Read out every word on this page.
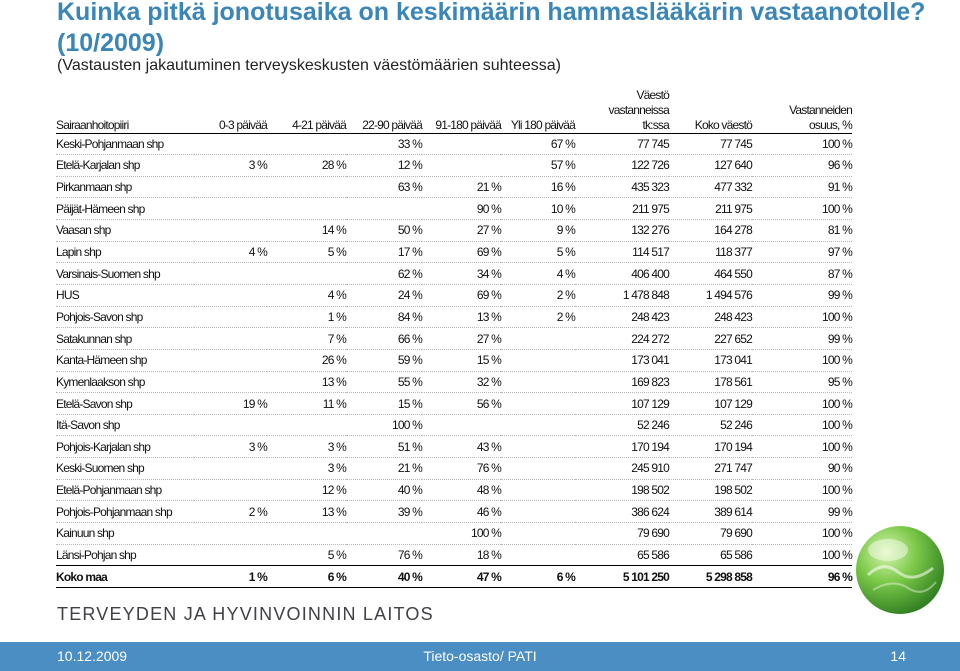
Kuinka pitkä jonotusaika on keskimäärin hammaslääkärin vastaanotolle? (10/2009)

(Vastausten jakautuminen terveyskeskusten väestömäärien suhteessa)

Sairaanhoitopiiri	0-3 päivää	4-21 päivää	22-90 päivää	91-180 päivää	Yli 180 päivää	Väestö
vastanneissa
tk:ssa	Koko väestö	Vastanneiden
osuus, %

Keski-Pohjanmaan shp			33 %		67 %	77 745	77 745	100 %
Etelä-Karjalan shp	3 %	28 %	12 %		57 %	122 726	127 640	96 %
Pirkanmaan shp			63 %	21 %	16 %	435 323	477 332	91 %
Päijät-Hämeen shp				90 %	10 %	211 975	211 975	100 %
Vaasan shp		14 %	50 %	27 %	9 %	132 276	164 278	81 %
Lapin shp	4 %	5 %	17 %	69 %	5 %	114 517	118 377	97 %
Varsinais-Suomen shp			62 %	34 %	4 %	406 400	464 550	87 %
HUS		4 %	24 %	69 %	2 %	1 478 848	1 494 576	99 %
Pohjois-Savon shp		1 %	84 %	13 %	2 %	248 423	248 423	100 %
Satakunnan shp		7 %	66 %	27 %		224 272	227 652	99 %
Kanta-Hämeen shp		26 %	59 %	15 %		173 041	173 041	100 %
Kymenlaakson shp		13 %	55 %	32 %		169 823	178 561	95 %
Etelä-Savon shp	19 %	11 %	15 %	56 %		107 129	107 129	100 %
Itä-Savon shp			100 %			52 246	52 246	100 %
Pohjois-Karjalan shp	3 %	3 %	51 %	43 %		170 194	170 194	100 %
Keski-Suomen shp		3 %	21 %	76 %		245 910	271 747	90 %
Etelä-Pohjanmaan shp		12 %	40 %	48 %		198 502	198 502	100 %
Pohjois-Pohjanmaan shp	2 %	13 %	39 %	46 %		386 624	389 614	99 %
Kainuun shp				100 %		79 690	79 690	100 %
Länsi-Pohjan shp		5 %	76 %	18 %		65 586	65 586	100 %
Koko maa	1 %	6 %	40 %	47 %	6 %	5 101 250	5 298 858	96 %
TERVEYDEN JA HYVINVOINNIN LAITOS
10.12.2009	Tieto-osasto/ PATI	14
